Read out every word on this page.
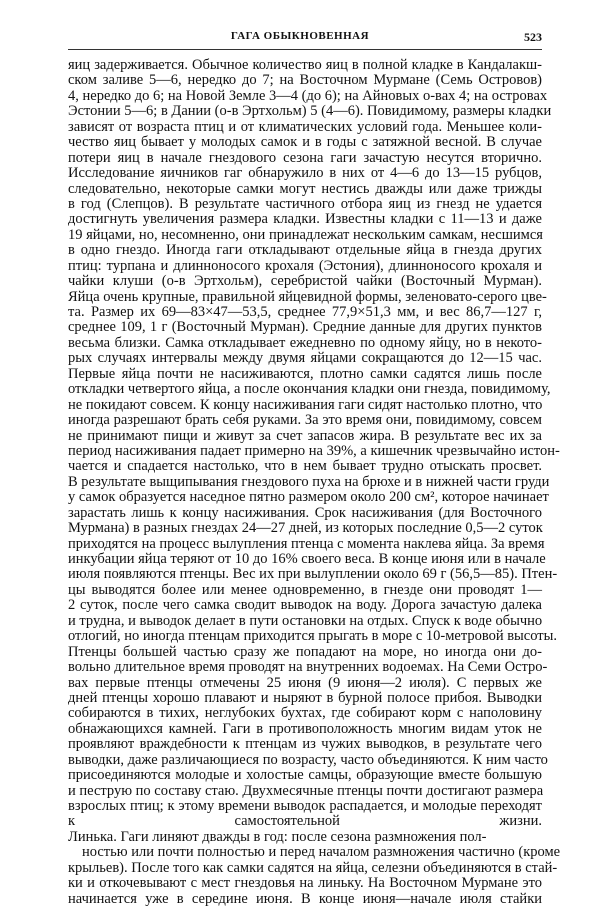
ГАГА ОБЫКНОВЕННАЯ	523
яиц задерживается. Обычное количество яиц в полной кладке в Кандалакш-
ском заливе 5—6, нередко до 7; на Восточном Мурмане (Семь Островов)
4, нередко до 6; на Новой Земле 3—4 (до 6); на Айновых о-вах 4; на островах
Эстонии 5—6; в Дании (о-в Эртхольм) 5 (4—6). Повидимому, размеры кладки
зависят от возраста птиц и от климатических условий года. Меньшее коли-
чество яиц бывает у молодых самок и в годы с затяжной весной. В случае
потери яиц в начале гнездового сезона гаги зачастую несутся вторично.
Исследование яичников гаг обнаружило в них от 4—6 до 13—15 рубцов,
следовательно, некоторые самки могут нестись дважды или даже трижды
в год (Слепцов). В результате частичного отбора яиц из гнезд не удается
достигнуть увеличения размера кладки. Известны кладки с 11—13 и даже
19 яйцами, но, несомненно, они принадлежат нескольким самкам, несшимся
в одно гнездо. Иногда гаги откладывают отдельные яйца в гнезда других
птиц: турпана и длинноносого крохаля (Эстония), длинноносого крохаля и
чайки клуши (о-в Эртхольм), серебристой чайки (Восточный Мурман).
Яйца очень крупные, правильной яйцевидной формы, зеленовато-серого цве-
та. Размер их 69—83×47—53,5, среднее 77,9×51,3 мм, и вес 86,7—127 г,
среднее 109, 1 г (Восточный Мурман). Средние данные для других пунктов
весьма близки. Самка откладывает ежедневно по одному яйцу, но в некото-
рых случаях интервалы между двумя яйцами сокращаются до 12—15 час.
Первые яйца почти не насиживаются, плотно самки садятся лишь после
откладки четвертого яйца, а после окончания кладки они гнезда, повидимому,
не покидают совсем. К концу насиживания гаги сидят настолько плотно, что
иногда разрешают брать себя руками. За это время они, повидимому, совсем
не принимают пищи и живут за счет запасов жира. В результате вес их за
период насиживания падает примерно на 39%, а кишечник чрезвычайно истон-
чается и спадается настолько, что в нем бывает трудно отыскать просвет.
В результате выщипывания гнездового пуха на брюхе и в нижней части груди
у самок образуется наседное пятно размером около 200 см², которое начинает
зарастать лишь к концу насиживания. Срок насиживания (для Восточного
Мурмана) в разных гнездах 24—27 дней, из которых последние 0,5—2 суток
приходятся на процесс вылупления птенца с момента наклева яйца. За время
инкубации яйца теряют от 10 до 16% своего веса. В конце июня или в начале
июля появляются птенцы. Вес их при вылуплении около 69 г (56,5—85). Птен-
цы выводятся более или менее одновременно, в гнезде они проводят 1—
2 суток, после чего самка сводит выводок на воду. Дорога зачастую далека
и трудна, и выводок делает в пути остановки на отдых. Спуск к воде обычно
отлогий, но иногда птенцам приходится прыгать в море с 10-метровой высоты.
Птенцы большей частью сразу же попадают на море, но иногда они до-
вольно длительное время проводят на внутренних водоемах. На Семи Остро-
вах первые птенцы отмечены 25 июня (9 июня—2 июля). С первых же
дней птенцы хорошо плавают и ныряют в бурной полосе прибоя. Выводки
собираются в тихих, неглубоких бухтах, где собирают корм с наполовину
обнажающихся камней. Гаги в противоположность многим видам уток не
проявляют враждебности к птенцам из чужих выводков, в результате чего
выводки, даже различающиеся по возрасту, часто объединяются. К ним часто
присоединяются молодые и холостые самцы, образующие вместе большую
и пеструю по составу стаю. Двухмесячные птенцы почти достигают размера
взрослых птиц; к этому времени выводок распадается, и молодые переходят
к самостоятельной жизни.
Линька. Гаги линяют дважды в год: после сезона размножения пол-
ностью или почти полностью и перед началом размножения частично (кроме
крыльев). После того как самки садятся на яйца, селезни объединяются в стай-
ки и откочевывают с мест гнездовья на линьку. На Восточном Мурмане это
начинается уже в середине июня. В конце июня—начале июля стайки
